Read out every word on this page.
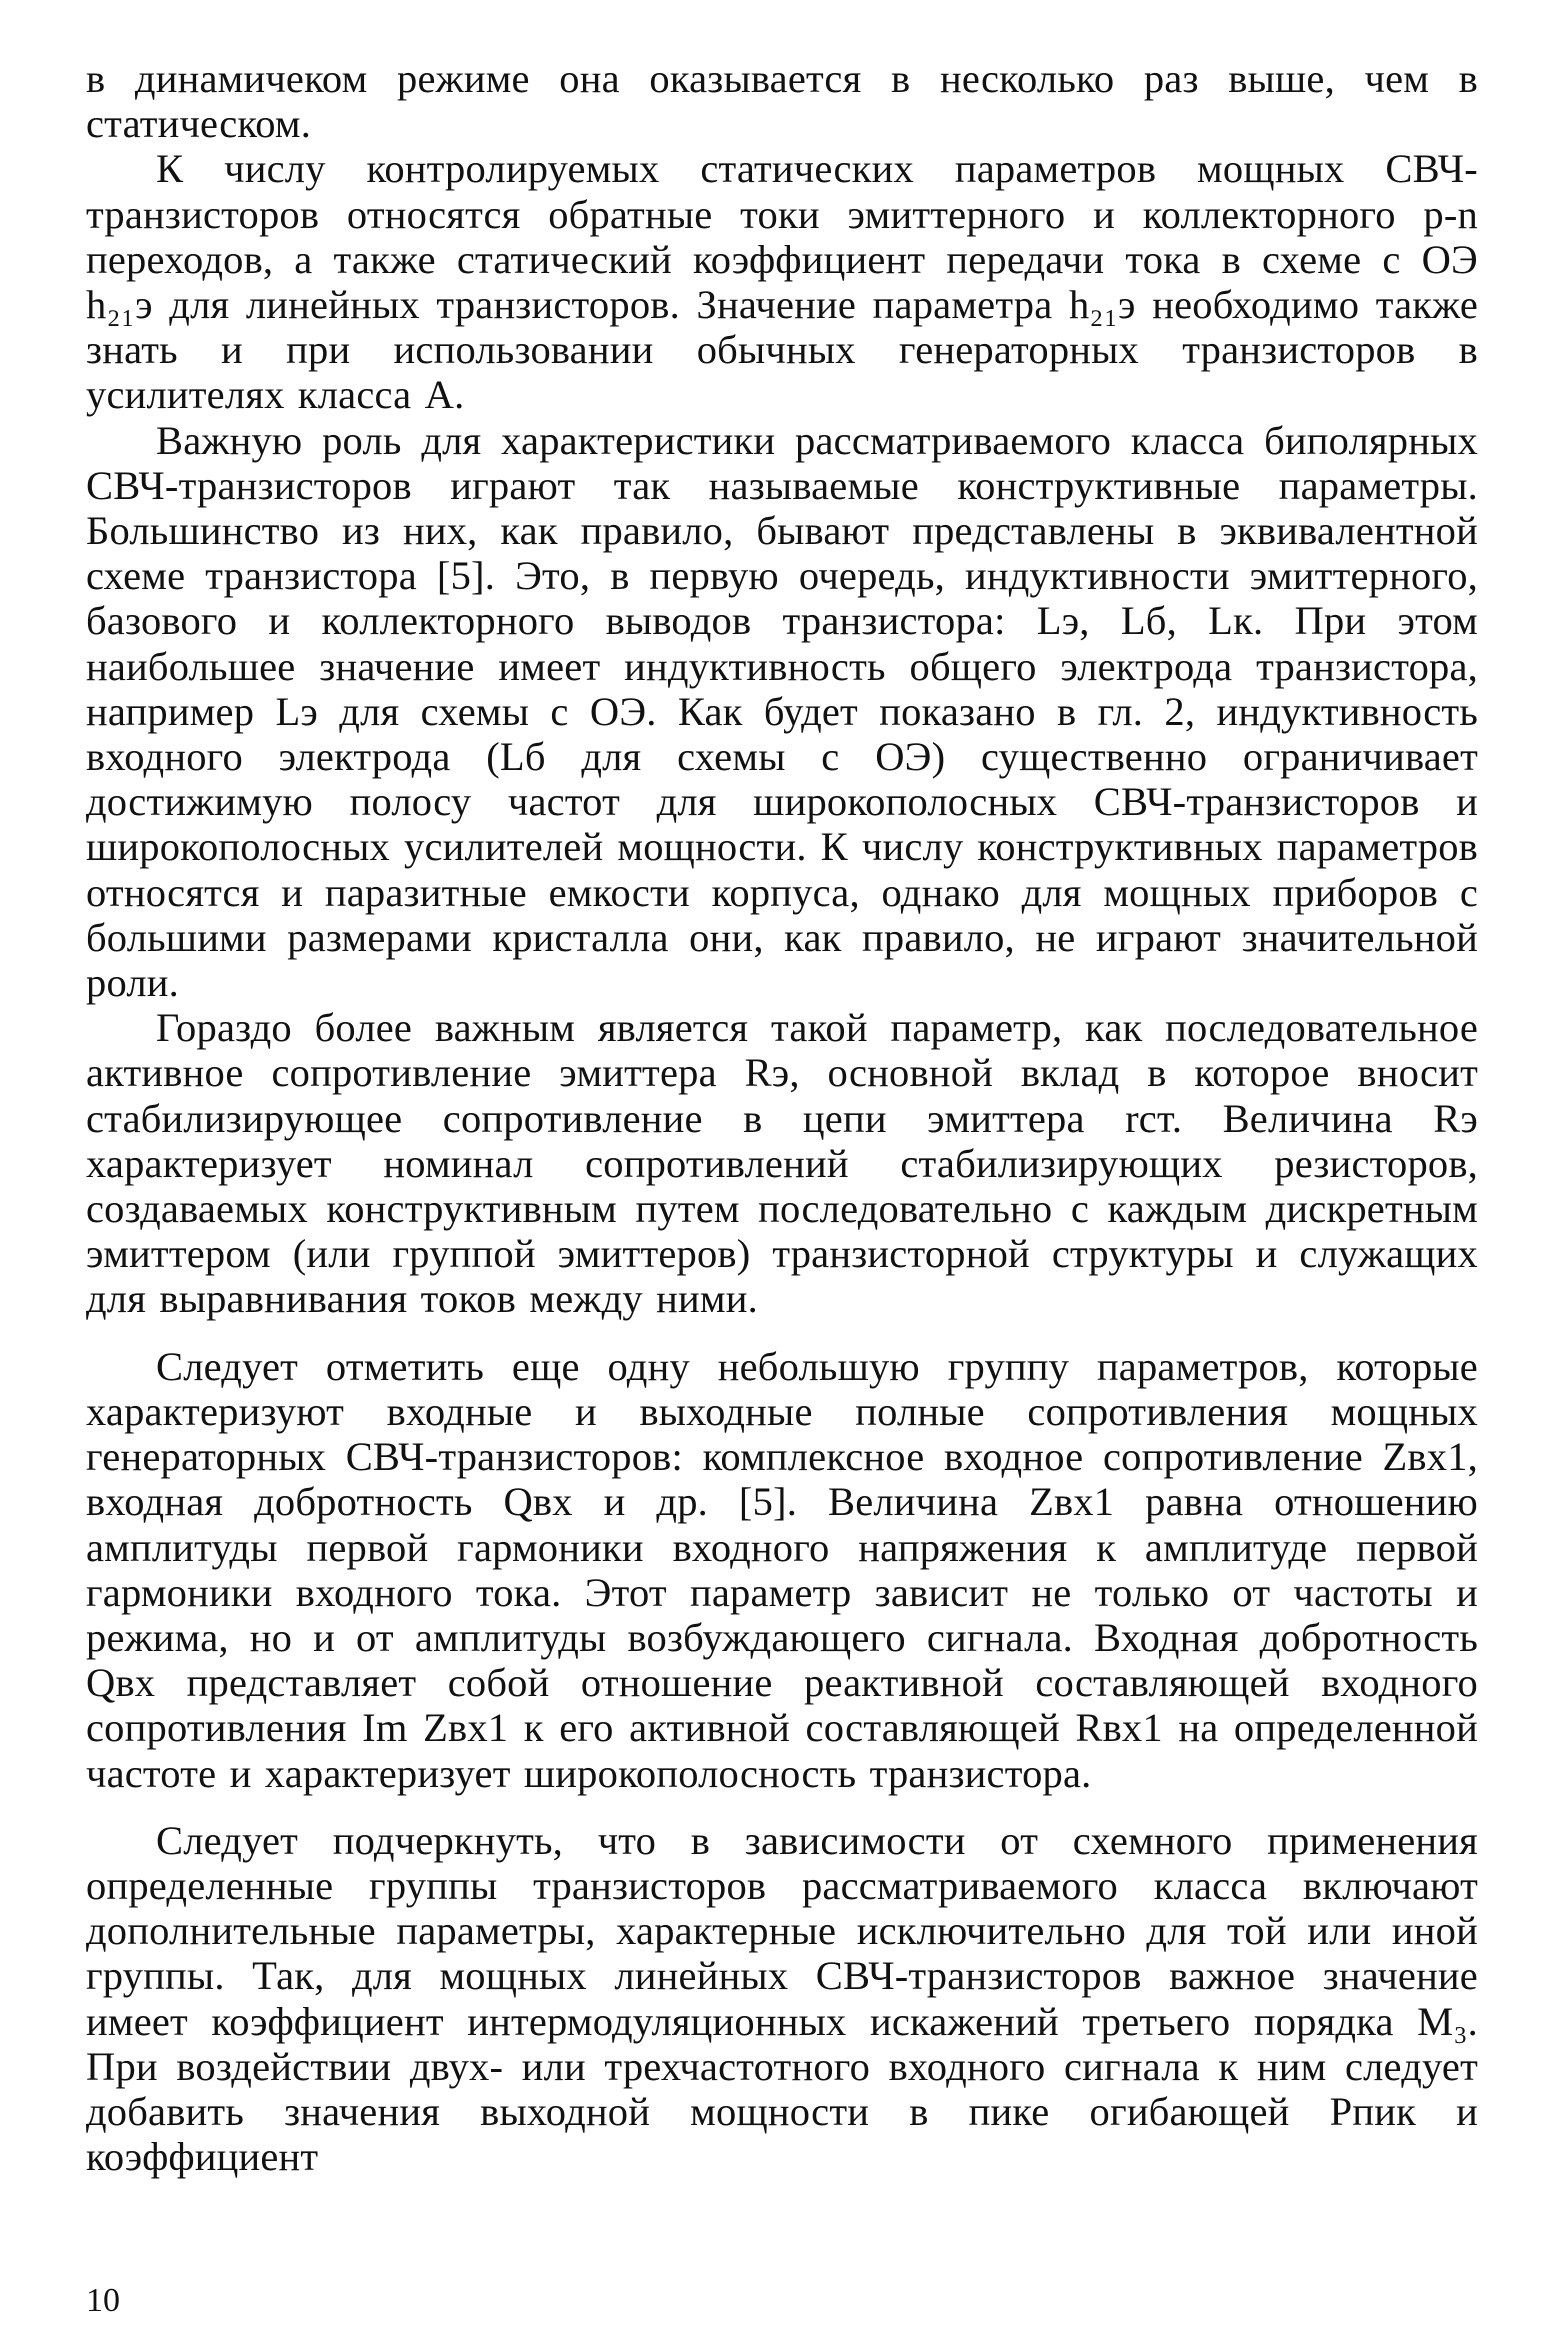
в динамичеком режиме она оказывается в несколько раз выше, чем в статическом.

К числу контролируемых статических параметров мощных СВЧ-транзисторов относятся обратные токи эмиттерного и коллекторного p-n переходов, а также статический коэффициент передачи тока в схеме с ОЭ h₂₁э для линейных транзисторов. Значение параметра h₂₁э необходимо также знать и при использовании обычных генераторных транзисторов в усилителях класса А.

Важную роль для характеристики рассматриваемого класса биполярных СВЧ-транзисторов играют так называемые конструктивные параметры. Большинство из них, как правило, бывают представлены в эквивалентной схеме транзистора [5]. Это, в первую очередь, индуктивности эмиттерного, базового и коллекторного выводов транзистора: Lэ, Lб, Lк. При этом наибольшее значение имеет индуктивность общего электрода транзистора, например Lэ для схемы с ОЭ. Как будет показано в гл. 2, индуктивность входного электрода (Lб для схемы с ОЭ) существенно ограничивает достижимую полосу частот для широкополосных СВЧ-транзисторов и широкополосных усилителей мощности. К числу конструктивных параметров относятся и паразитные емкости корпуса, однако для мощных приборов с большими размерами кристалла они, как правило, не играют значительной роли.

Гораздо более важным является такой параметр, как последовательное активное сопротивление эмиттера Rэ, основной вклад в которое вносит стабилизирующее сопротивление в цепи эмиттера rст. Величина Rэ характеризует номинал сопротивлений стабилизирующих резисторов, создаваемых конструктивным путем последовательно с каждым дискретным эмиттером (или группой эмиттеров) транзисторной структуры и служащих для выравнивания токов между ними.

Следует отметить еще одну небольшую группу параметров, которые характеризуют входные и выходные полные сопротивления мощных генераторных СВЧ-транзисторов: комплексное входное сопротивление Zвх1, входная добротность Qвх и др. [5]. Величина Zвх1 равна отношению амплитуды первой гармоники входного напряжения к амплитуде первой гармоники входного тока. Этот параметр зависит не только от частоты и режима, но и от амплитуды возбуждающего сигнала. Входная добротность Qвх представляет собой отношение реактивной составляющей входного сопротивления Im Zвх1 к его активной составляющей Rвх1 на определенной частоте и характеризует широкополосность транзистора.

Следует подчеркнуть, что в зависимости от схемного применения определенные группы транзисторов рассматриваемого класса включают дополнительные параметры, характерные исключительно для той или иной группы. Так, для мощных линейных СВЧ-транзисторов важное значение имеет коэффициент интермодуляционных искажений третьего порядка M₃. При воздействии двух- или трехчастотного входного сигнала к ним следует добавить значения выходной мощности в пике огибающей Pпик и коэффициент

10
